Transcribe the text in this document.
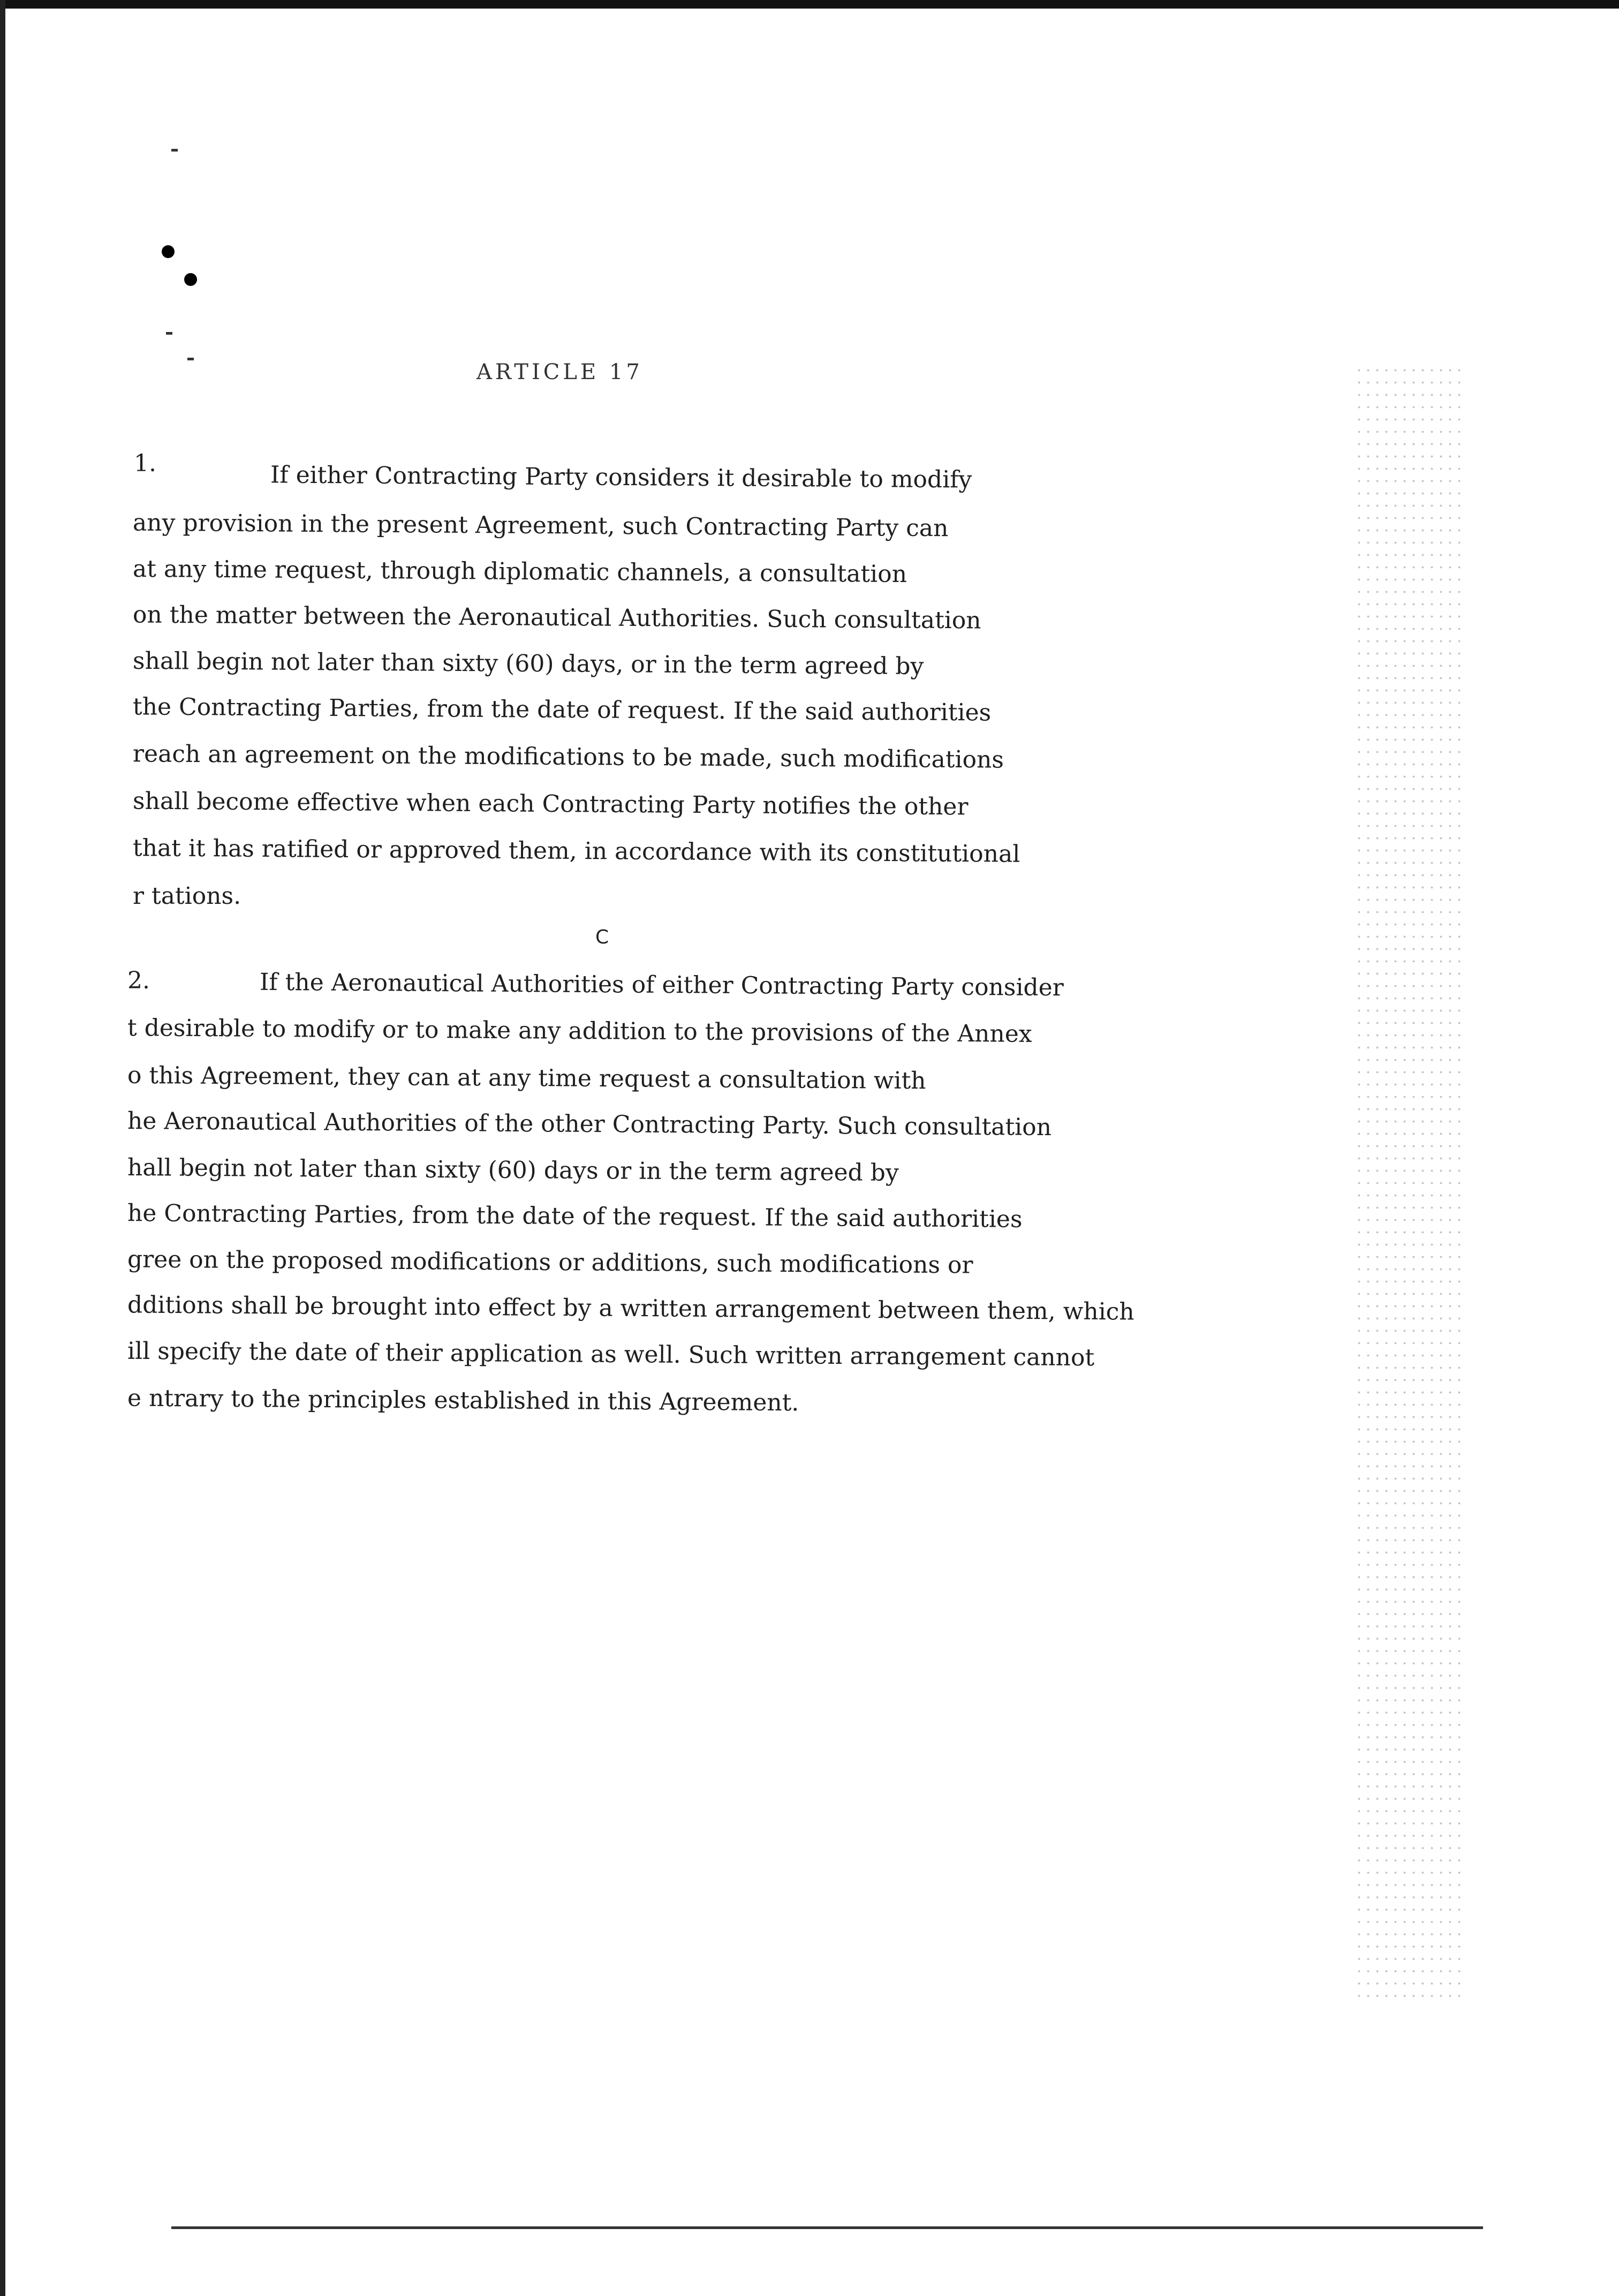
ARTICLE 17
1.	If either Contracting Party considers it desirable to modify
any provision in the present Agreement, such Contracting Party can
at any time request, through diplomatic channels, a consultation
on the matter between the Aeronautical Authorities. Such consultation
shall begin not later than sixty (60) days, or in the term agreed by
the Contracting Parties, from the date of request. If the said authorities
reach an agreement on the modifications to be made, such modifications
shall become effective when each Contracting Party notifies the other
that it has ratified or approved them, in accordance with its constitutional
r tations.
C
2.	If the Aeronautical Authorities of either Contracting Party consider
t desirable to modify or to make any addition to the provisions of the Annex
o this Agreement, they can at any time request a consultation with
he Aeronautical Authorities of the other Contracting Party. Such consultation
hall begin not later than sixty (60) days or in the term agreed by
he Contracting Parties, from the date of the request. If the said authorities
gree on the proposed modifications or additions, such modifications or
dditions shall be brought into effect by a written arrangement between them, which
ill specify the date of their application as well. Such written arrangement cannot
e ntrary to the principles established in this Agreement.
